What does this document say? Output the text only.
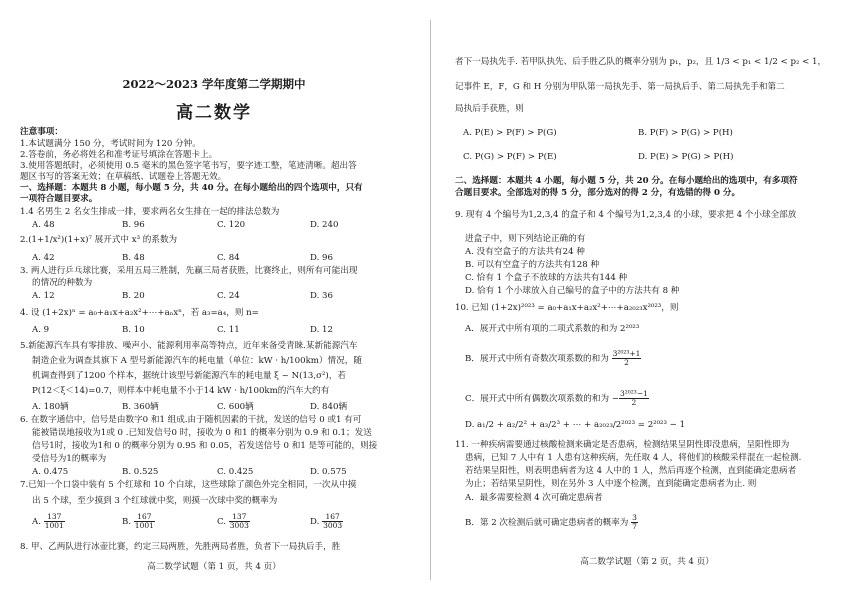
2022～2023 学年度第二学期期中
高二数学
注意事项：
1.本试题满分 150 分，考试时间为 120 分钟。
2.答卷前，务必将姓名和准考证号填涂在答题卡上。
3.使用答题纸时，必须使用 0.5 毫米的黑色签字笔书写，要字迹工整，笔迹清晰。超出答
题区书写的答案无效；在草稿纸、试题卷上答题无效。
一、选择题：本题共 8 小题，每小题 5 分，共 40 分。在每小题给出的四个选项中，只有
一项符合题目要求。
1.4 名男生 2 名女生排成一排，要求两名女生排在一起的排法总数为
A. 48	B. 96	C. 120	D. 240
2.(1+1/x²)(1+x)⁷ 展开式中 x³ 的系数为
A. 42	B. 48	C. 84	D. 96
3. 两人进行乒乓球比赛，采用五局三胜制，先赢三局者获胜，比赛终止，则所有可能出现
的情况的种数为
A. 12	B. 20	C. 24	D. 36
4. 设 (1+2x)ⁿ = a₀+a₁x+a₂x²+⋯+aₙxⁿ，若 a₃=a₄，则 n=
A. 9	B. 10	C. 11	D. 12
5.新能源汽车具有零排放、噪声小、能源利用率高等特点，近年来备受青睐.某新能源汽车
制造企业为调查其旗下 A 型号新能源汽车的耗电量（单位：kW · h/100km）情况，随
机调查得到了1200 个样本，据统计该型号新能源汽车的耗电量 ξ ~ N(13,σ²)，若
P(12＜ξ＜14)=0.7，则样本中耗电量不小于14 kW · h/100km的汽车大约有
A. 180辆	B. 360辆	C. 600辆	D. 840辆
6. 在数字通信中，信号是由数字0 和1 组成.由于随机因素的干扰，发送的信号 0 或1 有可
能被错误地接收为1或 0 .已知发信号0 时，接收为 0 和1 的概率分别为 0.9 和 0.1；发送
信号1时，接收为1和 0 的概率分别为 0.95 和 0.05，若发送信号 0 和1 是等可能的，则接
受信号为1的概率为
A. 0.475	B. 0.525	C. 0.425	D. 0.575
7.已知一个口袋中装有 5 个红球和 10 个白球，这些球除了颜色外完全相同，一次从中摸
出 5 个球，至少摸到 3 个红球就中奖，则摸一次球中奖的概率为
A. $\frac{137}{1001}$	B. $\frac{167}{1001}$	C. $\frac{137}{3003}$	D. $\frac{167}{3003}$
8. 甲、乙两队进行冰壶比赛，约定三局两胜，先胜两局者胜，负者下一局执后手，胜
高二数学试题（第 1 页，共 4 页）
者下一局执先手. 若甲队执先、后手胜乙队的概率分别为 p₁，p₂，且 1/3 < p₁ < 1/2 < p₂ < 1，
记事件 E，F，G 和 H 分别为甲队第一局执先手、第一局执后手、第二局执先手和第二
局执后手获胜，则
A. P(E) > P(F) > P(G)	B. P(F) > P(G) > P(H)
C. P(G) > P(F) > P(E)	D. P(E) > P(G) > P(H)
二、选择题：本题共 4 小题，每小题 5 分，共 20 分。在每小题给出的选项中，有多项符
合题目要求。全部选对的得 5 分，部分选对的得 2 分，有选错的得 0 分。
9. 现有 4 个编号为1,2,3,4 的盒子和 4 个编号为1,2,3,4 的小球，要求把 4 个小球全部放
进盒子中，则下列结论正确的有
A. 没有空盒子的方法共有24 种
B. 可以有空盒子的方法共有128 种
C. 恰有 1 个盒子不放球的方法共有144 种
D. 恰有 1 个小球放入自己编号的盒子中的方法共有 8 种
10. 已知 (1+2x)²⁰²³ = a₀+a₁x+a₂x²+⋯+a₂₀₂₃x²⁰²³，则
A．展开式中所有项的二项式系数的和为 2²⁰²³
B．展开式中所有奇数次项系数的和为 $\frac{\text{3²⁰²³+1}}{2}$
C．展开式中所有偶数次项系数的和为 − $\frac{\text{3²⁰²³−1}}{2}$
D. a₁/2 + a₂/2² + a₃/2³ + ⋯ + a₂₀₂₃/2²⁰²³ = 2²⁰²³ − 1
11. 一种疾病需要通过核酸检测来确定是否患病，检测结果呈阴性即没患病，呈阳性即为
患病，已知 7 人中有 1 人患有这种疾病，先任取 4 人，将他们的核酸采样混在一起检测.
若结果呈阳性，则表明患病者为这 4 人中的 1 人，然后再逐个检测，直到能确定患病者
为止；若结果呈阴性，则在另外 3 人中逐个检测，直到能确定患病者为止. 则
A．最多需要检测 4 次可确定患病者
B．第 2 次检测后就可确定患病者的概率为 $\frac{3}{7}$
高二数学试题（第 2 页，共 4 页）
